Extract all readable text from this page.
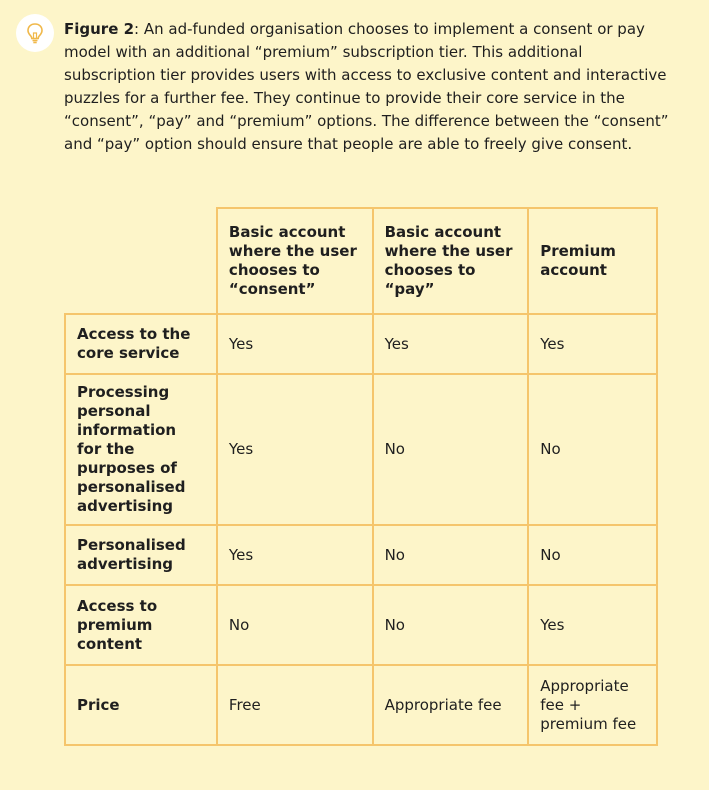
Figure 2: An ad-funded organisation chooses to implement a consent or pay model with an additional “premium” subscription tier. This additional subscription tier provides users with access to exclusive content and interactive puzzles for a further fee. They continue to provide their core service in the “consent”, “pay” and “premium” options. The difference between the “consent” and “pay” option should ensure that people are able to freely give consent.

	Basic account where the user chooses to “consent”	Basic account where the user chooses to “pay”	Premium account
Access to the core service	Yes	Yes	Yes
Processing personal information for the purposes of personalised advertising	Yes	No	No
Personalised advertising	Yes	No	No
Access to premium content	No	No	Yes
Price	Free	Appropriate fee	Appropriate fee + premium fee
